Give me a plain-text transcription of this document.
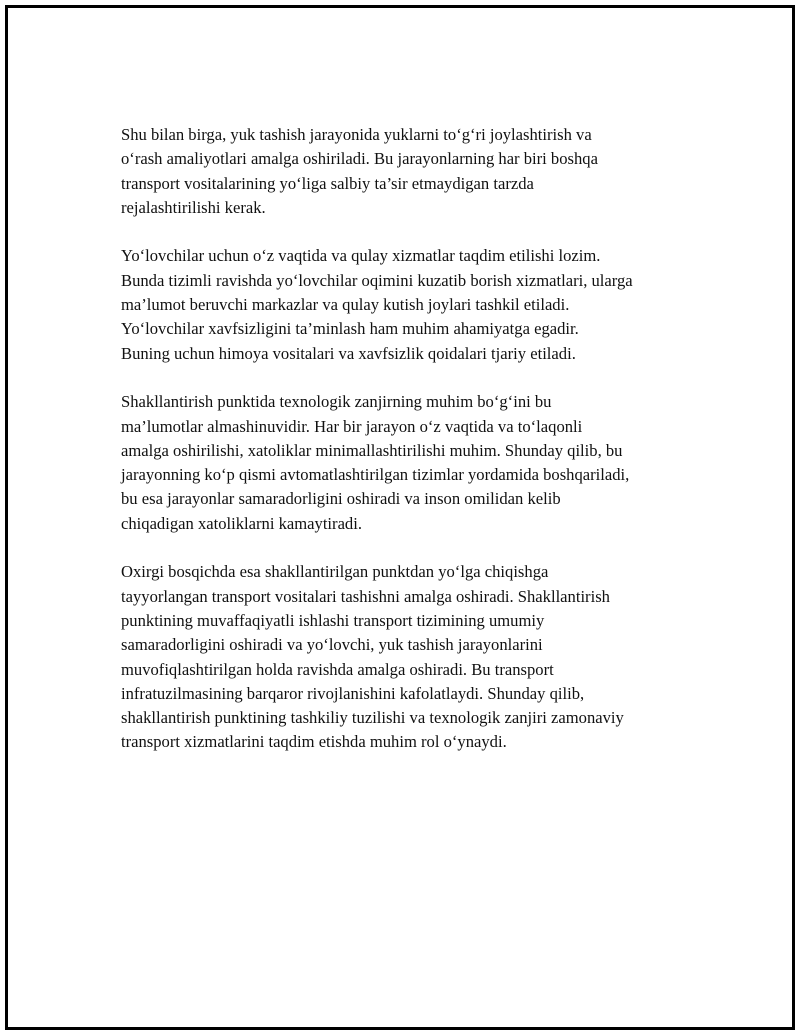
Shu bilan birga, yuk tashish jarayonida yuklarni to‘g‘ri joylashtirish va
o‘rash amaliyotlari amalga oshiriladi. Bu jarayonlarning har biri boshqa
transport vositalarining yo‘liga salbiy ta’sir etmaydigan tarzda
rejalashtirilishi kerak.

Yo‘lovchilar uchun o‘z vaqtida va qulay xizmatlar taqdim etilishi lozim.
Bunda tizimli ravishda yo‘lovchilar oqimini kuzatib borish xizmatlari, ularga
ma’lumot beruvchi markazlar va qulay kutish joylari tashkil etiladi.
Yo‘lovchilar xavfsizligini ta’minlash ham muhim ahamiyatga egadir.
Buning uchun himoya vositalari va xavfsizlik qoidalari tjariy etiladi.

Shakllantirish punktida texnologik zanjirning muhim bo‘g‘ini bu
ma’lumotlar almashinuvidir. Har bir jarayon o‘z vaqtida va to‘laqonli
amalga oshirilishi, xatoliklar minimallashtirilishi muhim. Shunday qilib, bu
jarayonning ko‘p qismi avtomatlashtirilgan tizimlar yordamida boshqariladi,
bu esa jarayonlar samaradorligini oshiradi va inson omilidan kelib
chiqadigan xatoliklarni kamaytiradi.

Oxirgi bosqichda esa shakllantirilgan punktdan yo‘lga chiqishga
tayyorlangan transport vositalari tashishni amalga oshiradi. Shakllantirish
punktining muvaffaqiyatli ishlashi transport tizimining umumiy
samaradorligini oshiradi va yo‘lovchi, yuk tashish jarayonlarini
muvofiqlashtirilgan holda ravishda amalga oshiradi. Bu transport
infratuzilmasining barqaror rivojlanishini kafolatlaydi. Shunday qilib,
shakllantirish punktining tashkiliy tuzilishi va texnologik zanjiri zamonaviy
transport xizmatlarini taqdim etishda muhim rol o‘ynaydi.
